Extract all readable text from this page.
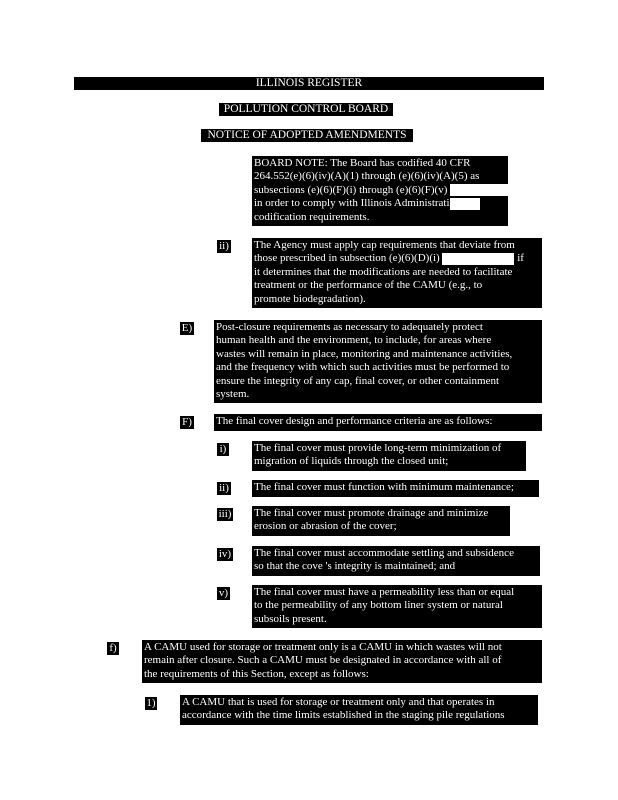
ILLINOIS REGISTER
POLLUTION CONTROL BOARD
NOTICE OF ADOPTED AMENDMENTS
BOARD NOTE: The Board has codified 40 CFR
264.552(e)(6)(iv)(A)(1) through (e)(6)(iv)(A)(5) as
subsections (e)(6)(F)(i) through (e)(6)(F)(v)
in order to comply with Illinois Administrati
codification requirements.
ii) The Agency must apply cap requirements that deviate from
those prescribed in subsection (e)(6)(D)(i)	if
it determines that the modifications are needed to facilitate
treatment or the performance of the CAMU (e.g., to
promote biodegradation).
E) Post-closure requirements as necessary to adequately protect
human health and the environment, to include, for areas where
wastes will remain in place, monitoring and maintenance activities,
and the frequency with which such activities must be performed to
ensure the integrity of any cap, final cover, or other containment
system.
F) The final cover design and performance criteria are as follows:
i)	The final cover must provide long-term minimization of
migration of liquids through the closed unit;
ii) The final cover must function with minimum maintenance;
iii) The final cover must promote drainage and minimize
erosion or abrasion of the cover;
iv) The final cover must accommodate settling and subsidence
so that the cove 's integrity is maintained; and
v) The final cover must have a permeability less than or equal
to the permeability of any bottom liner system or natural
subsoils present.
f) A CAMU used for storage or treatment only is a CAMU in which wastes will not
remain after closure. Such a CAMU must be designated in accordance with all of
the requirements of this Section, except as follows:
1) A CAMU that is used for storage or treatment only and that operates in
accordance with the time limits established in the staging pile regulations
